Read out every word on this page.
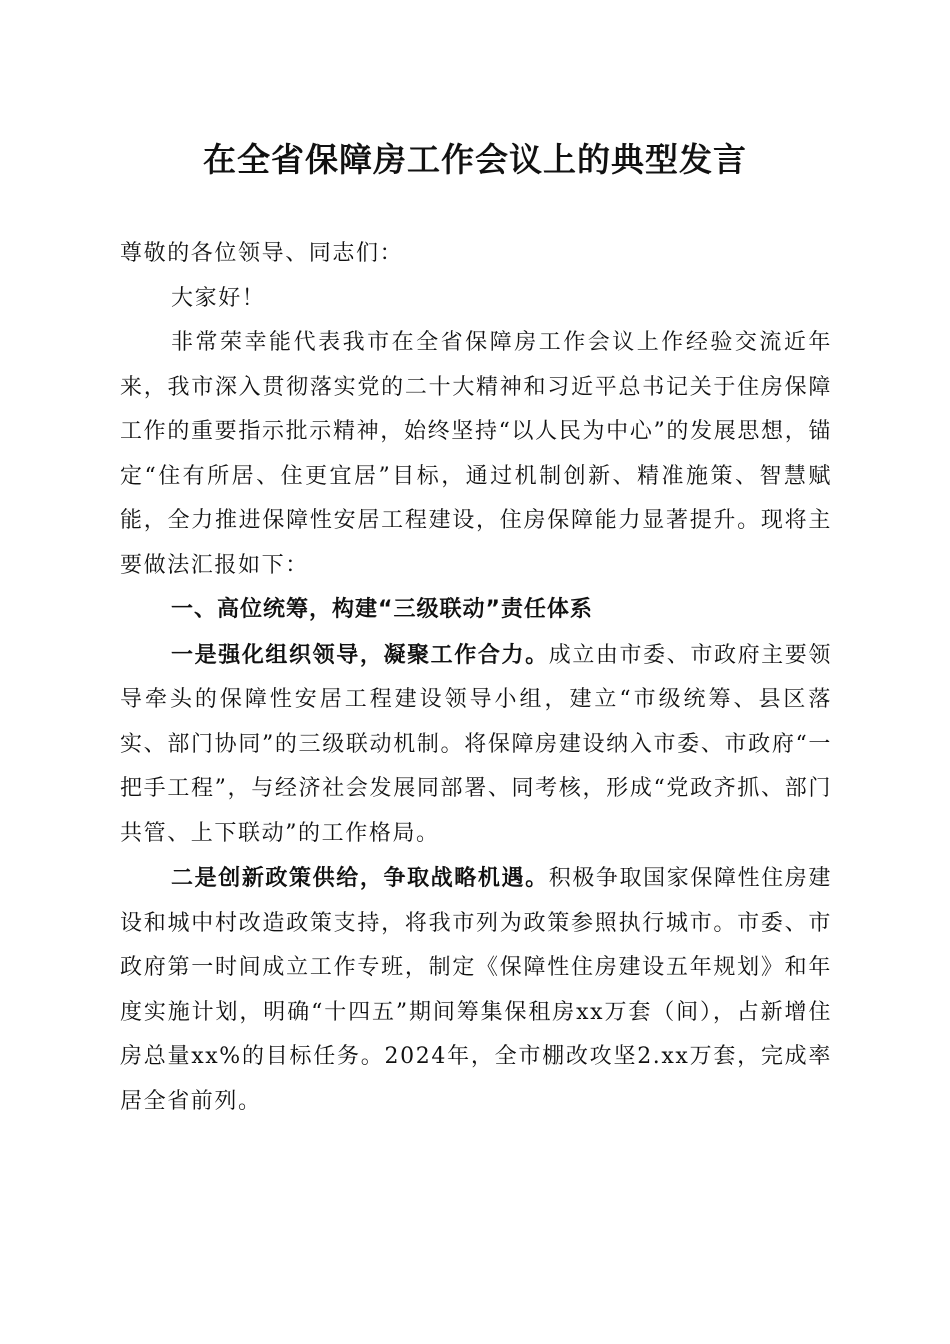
在全省保障房工作会议上的典型发言

尊敬的各位领导、同志们：

大家好！

非常荣幸能代表我市在全省保障房工作会议上作经验交流近年来，我市深入贯彻落实党的二十大精神和习近平总书记关于住房保障工作的重要指示批示精神，始终坚持“以人民为中心”的发展思想，锚定“住有所居、住更宜居”目标，通过机制创新、精准施策、智慧赋能，全力推进保障性安居工程建设，住房保障能力显著提升。现将主要做法汇报如下：

一、高位统筹，构建“三级联动”责任体系

一是强化组织领导，凝聚工作合力。成立由市委、市政府主要领导牵头的保障性安居工程建设领导小组，建立“市级统筹、县区落实、部门协同”的三级联动机制。将保障房建设纳入市委、市政府“一把手工程”，与经济社会发展同部署、同考核，形成“党政齐抓、部门共管、上下联动”的工作格局。

二是创新政策供给，争取战略机遇。积极争取国家保障性住房建设和城中村改造政策支持，将我市列为政策参照执行城市。市委、市政府第一时间成立工作专班，制定《保障性住房建设五年规划》和年度实施计划，明确“十四五”期间筹集保租房xx万套（间），占新增住房总量xx%的目标任务。2024年，全市棚改攻坚2.xx万套，完成率居全省前列。
